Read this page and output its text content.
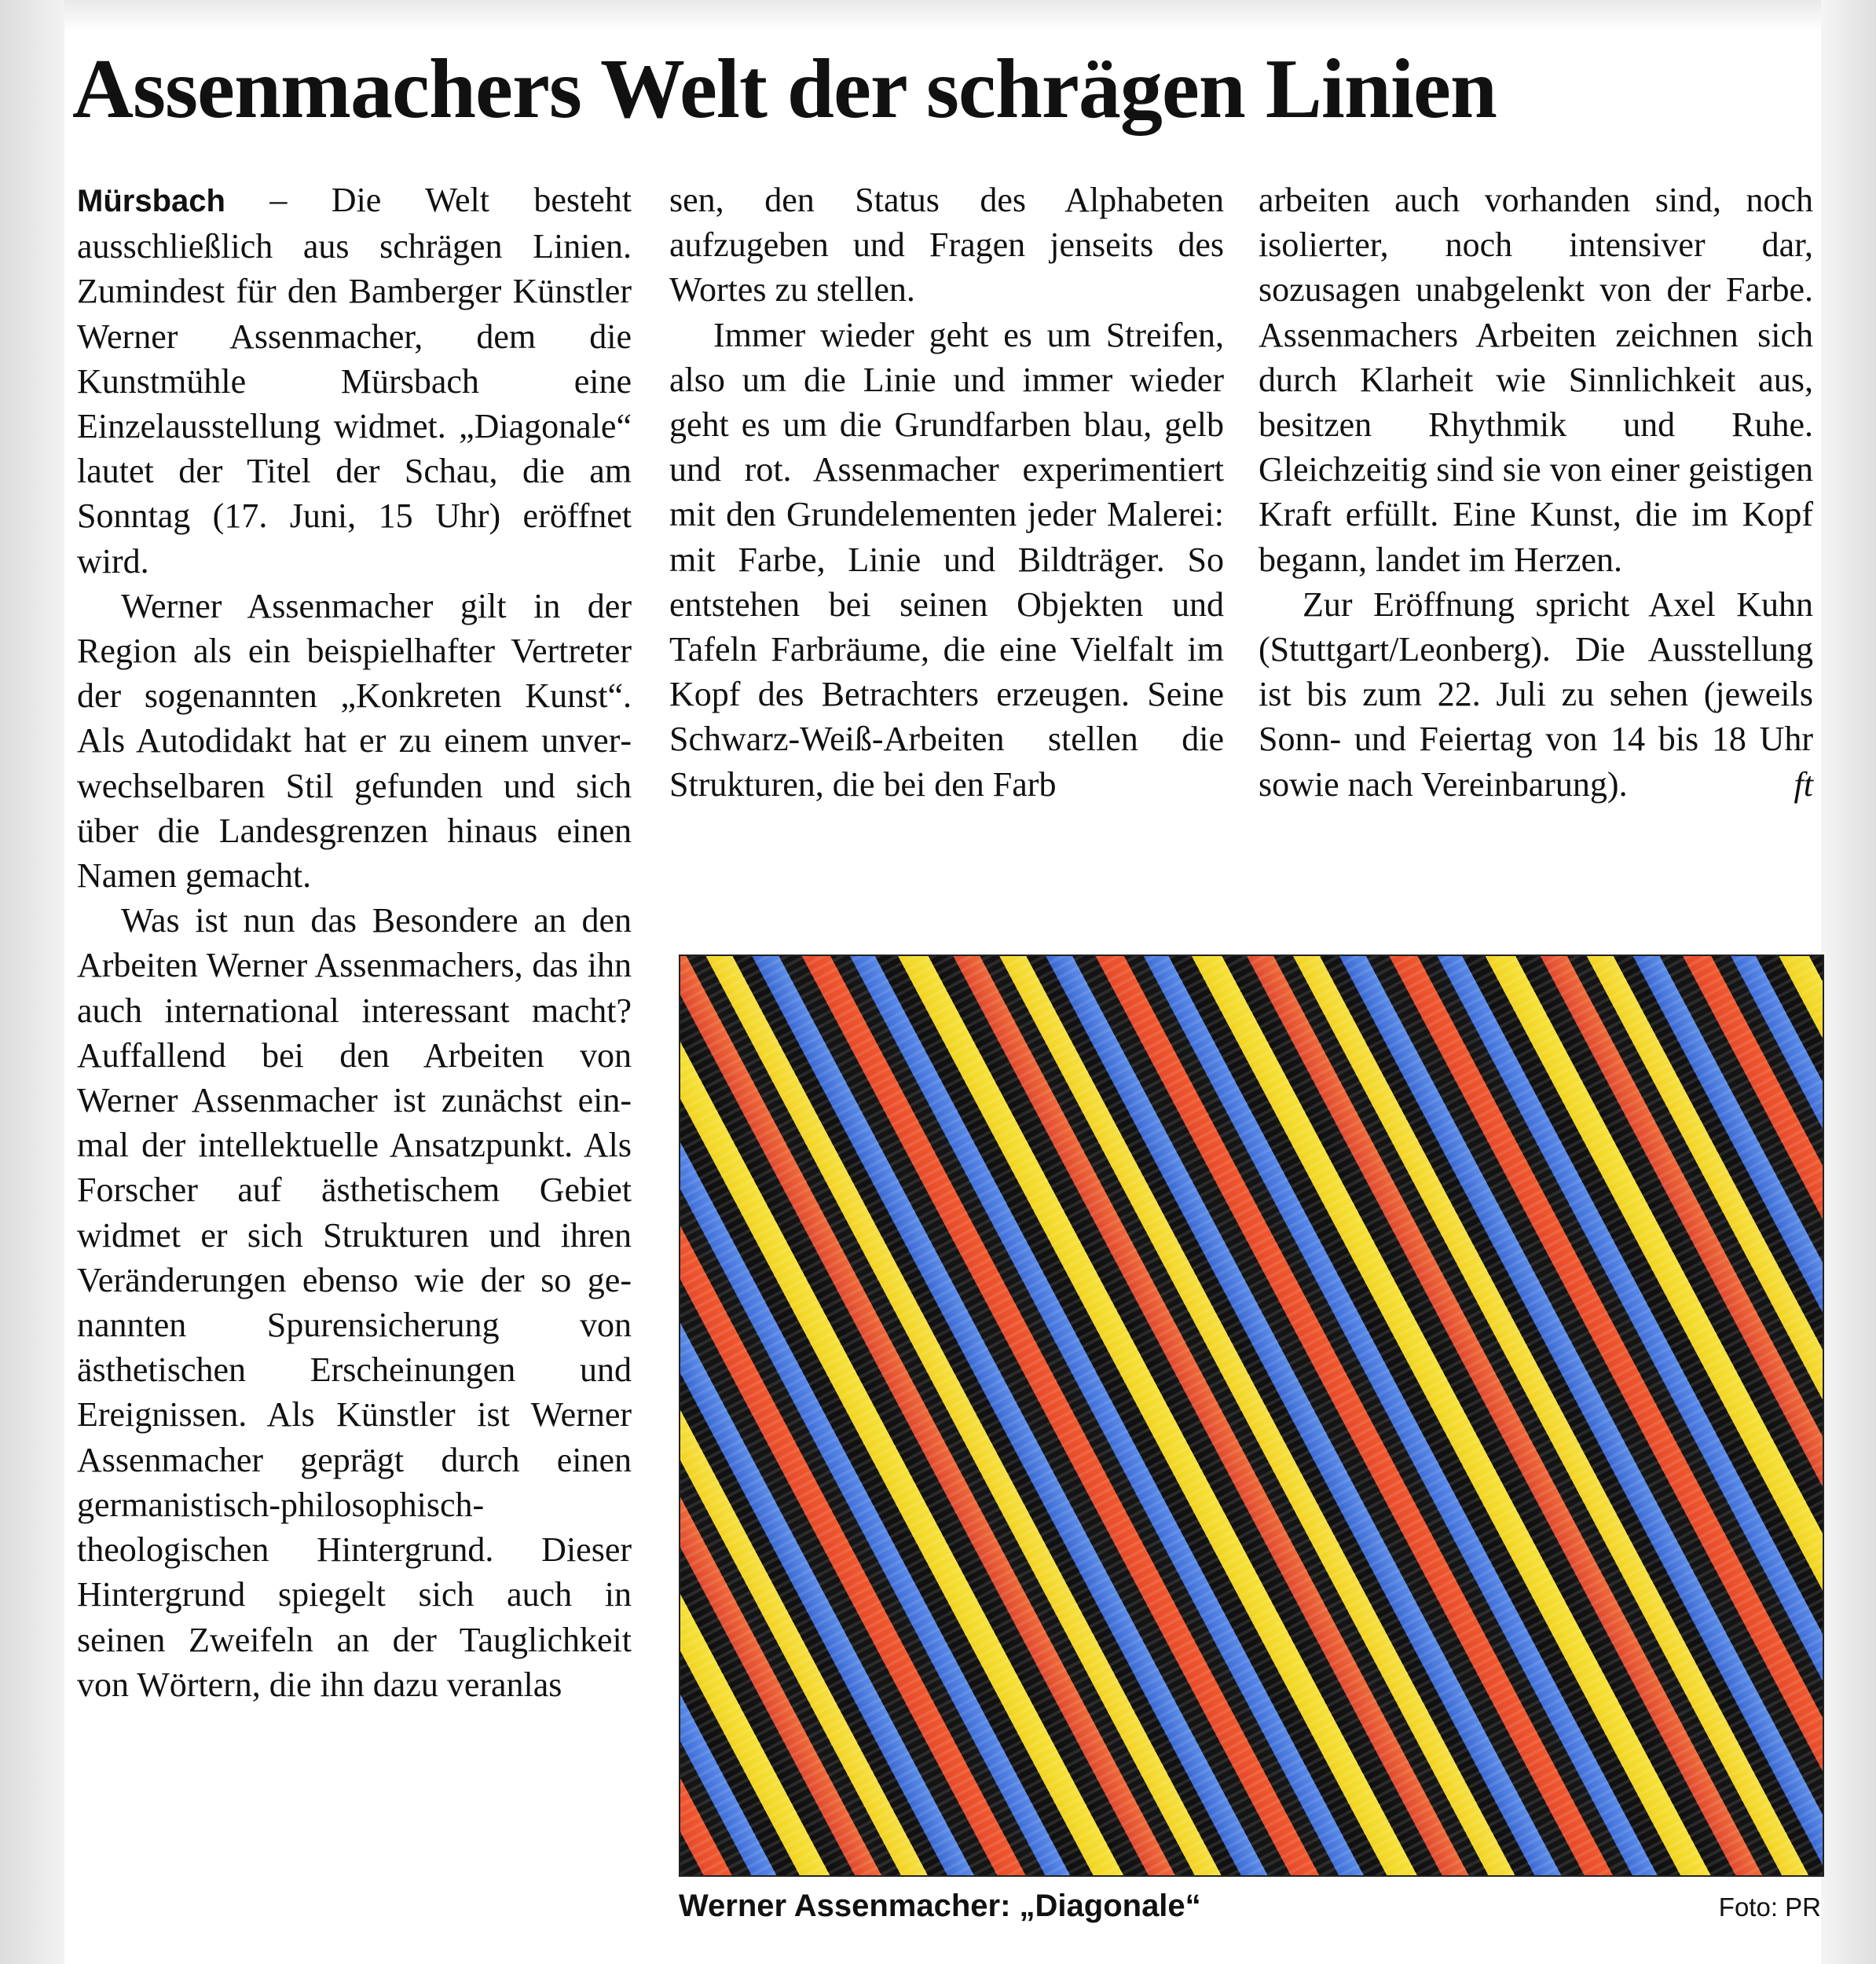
Assenmachers Welt der schrägen Linien

Mürsbach – Die Welt besteht ausschließlich aus schrägen Linien. Zumindest für den Bamberger Künstler Werner Assenmacher, dem die Kunstmühle Mürsbach eine Einzelausstellung widmet. „Diagonale“ lautet der Titel der Schau, die am Sonntag (17. Juni, 15 Uhr) eröffnet wird.

Werner Assenmacher gilt in der Region als ein beispielhafter Vertreter der sogenannten „Konkreten Kunst“. Als Autodidakt hat er zu einem unverwechselbaren Stil gefunden und sich über die Landesgrenzen hinaus einen Namen gemacht.

Was ist nun das Besondere an den Arbeiten Werner Assenmachers, das ihn auch international interessant macht? Auffallend bei den Arbeiten von Werner Assenmacher ist zunächst einmal der intellektuelle Ansatzpunkt. Als Forscher auf ästhetischem Gebiet widmet er sich Strukturen und ihren Veränderungen ebenso wie der so genannten Spurensicherung von ästhetischen Erscheinungen und Ereignissen. Als Künstler ist Werner Assenmacher geprägt durch einen germanistisch-philosophisch-theologischen Hintergrund. Dieser Hintergrund spiegelt sich auch in seinen Zweifeln an der Tauglichkeit von Wörtern, die ihn dazu veranlas

sen, den Status des Alphabeten aufzugeben und Fragen jenseits des Wortes zu stellen.

Immer wieder geht es um Streifen, also um die Linie und immer wieder geht es um die Grundfarben blau, gelb und rot. Assenmacher experimentiert mit den Grundelementen jeder Malerei: mit Farbe, Linie und Bildträger. So entstehen bei seinen Objekten und Tafeln Farbräume, die eine Vielfalt im Kopf des Betrachters erzeugen. Seine Schwarz-Weiß-Arbeiten stellen die Strukturen, die bei den Farb

arbeiten auch vorhanden sind, noch isolierter, noch intensiver dar, sozusagen unabgelenkt von der Farbe. Assenmachers Arbeiten zeichnen sich durch Klarheit wie Sinnlichkeit aus, besitzen Rhythmik und Ruhe. Gleichzeitig sind sie von einer geistigen Kraft erfüllt. Eine Kunst, die im Kopf begann, landet im Herzen.

Zur Eröffnung spricht Axel Kuhn (Stuttgart/Leonberg). Die Ausstellung ist bis zum 22. Juli zu sehen (jeweils Sonn- und Feiertag von 14 bis 18 Uhr sowie nach Vereinbarung).	ft

Werner Assenmacher: „Diagonale“	Foto: PR
